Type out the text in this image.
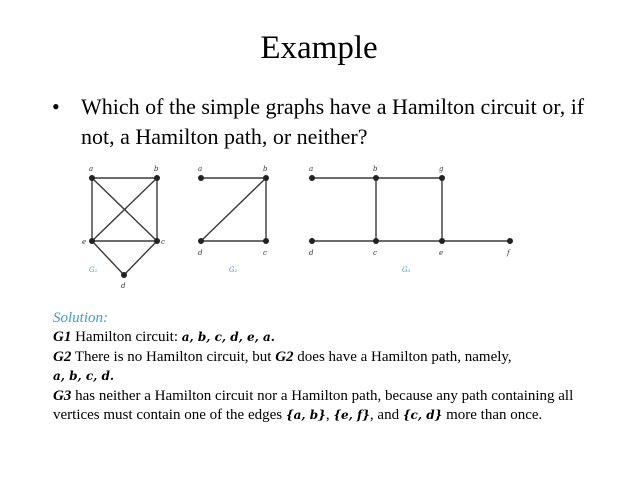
Example
• Which of the simple graphs have a Hamilton circuit or, if not, a Hamilton path, or neither?
a	b
c
d
e
G₁
a	b
c
d
G₂
a	b	g
d	c	e	f
G₃
Solution:
G1 Hamilton circuit: a, b, c, d, e, a.
G2 There is no Hamilton circuit, but G2 does have a Hamilton path, namely,
a, b, c, d.
G3 has neither a Hamilton circuit nor a Hamilton path, because any path containing all vertices must contain one of the edges {a, b}, {e, f}, and {c, d} more than once.
